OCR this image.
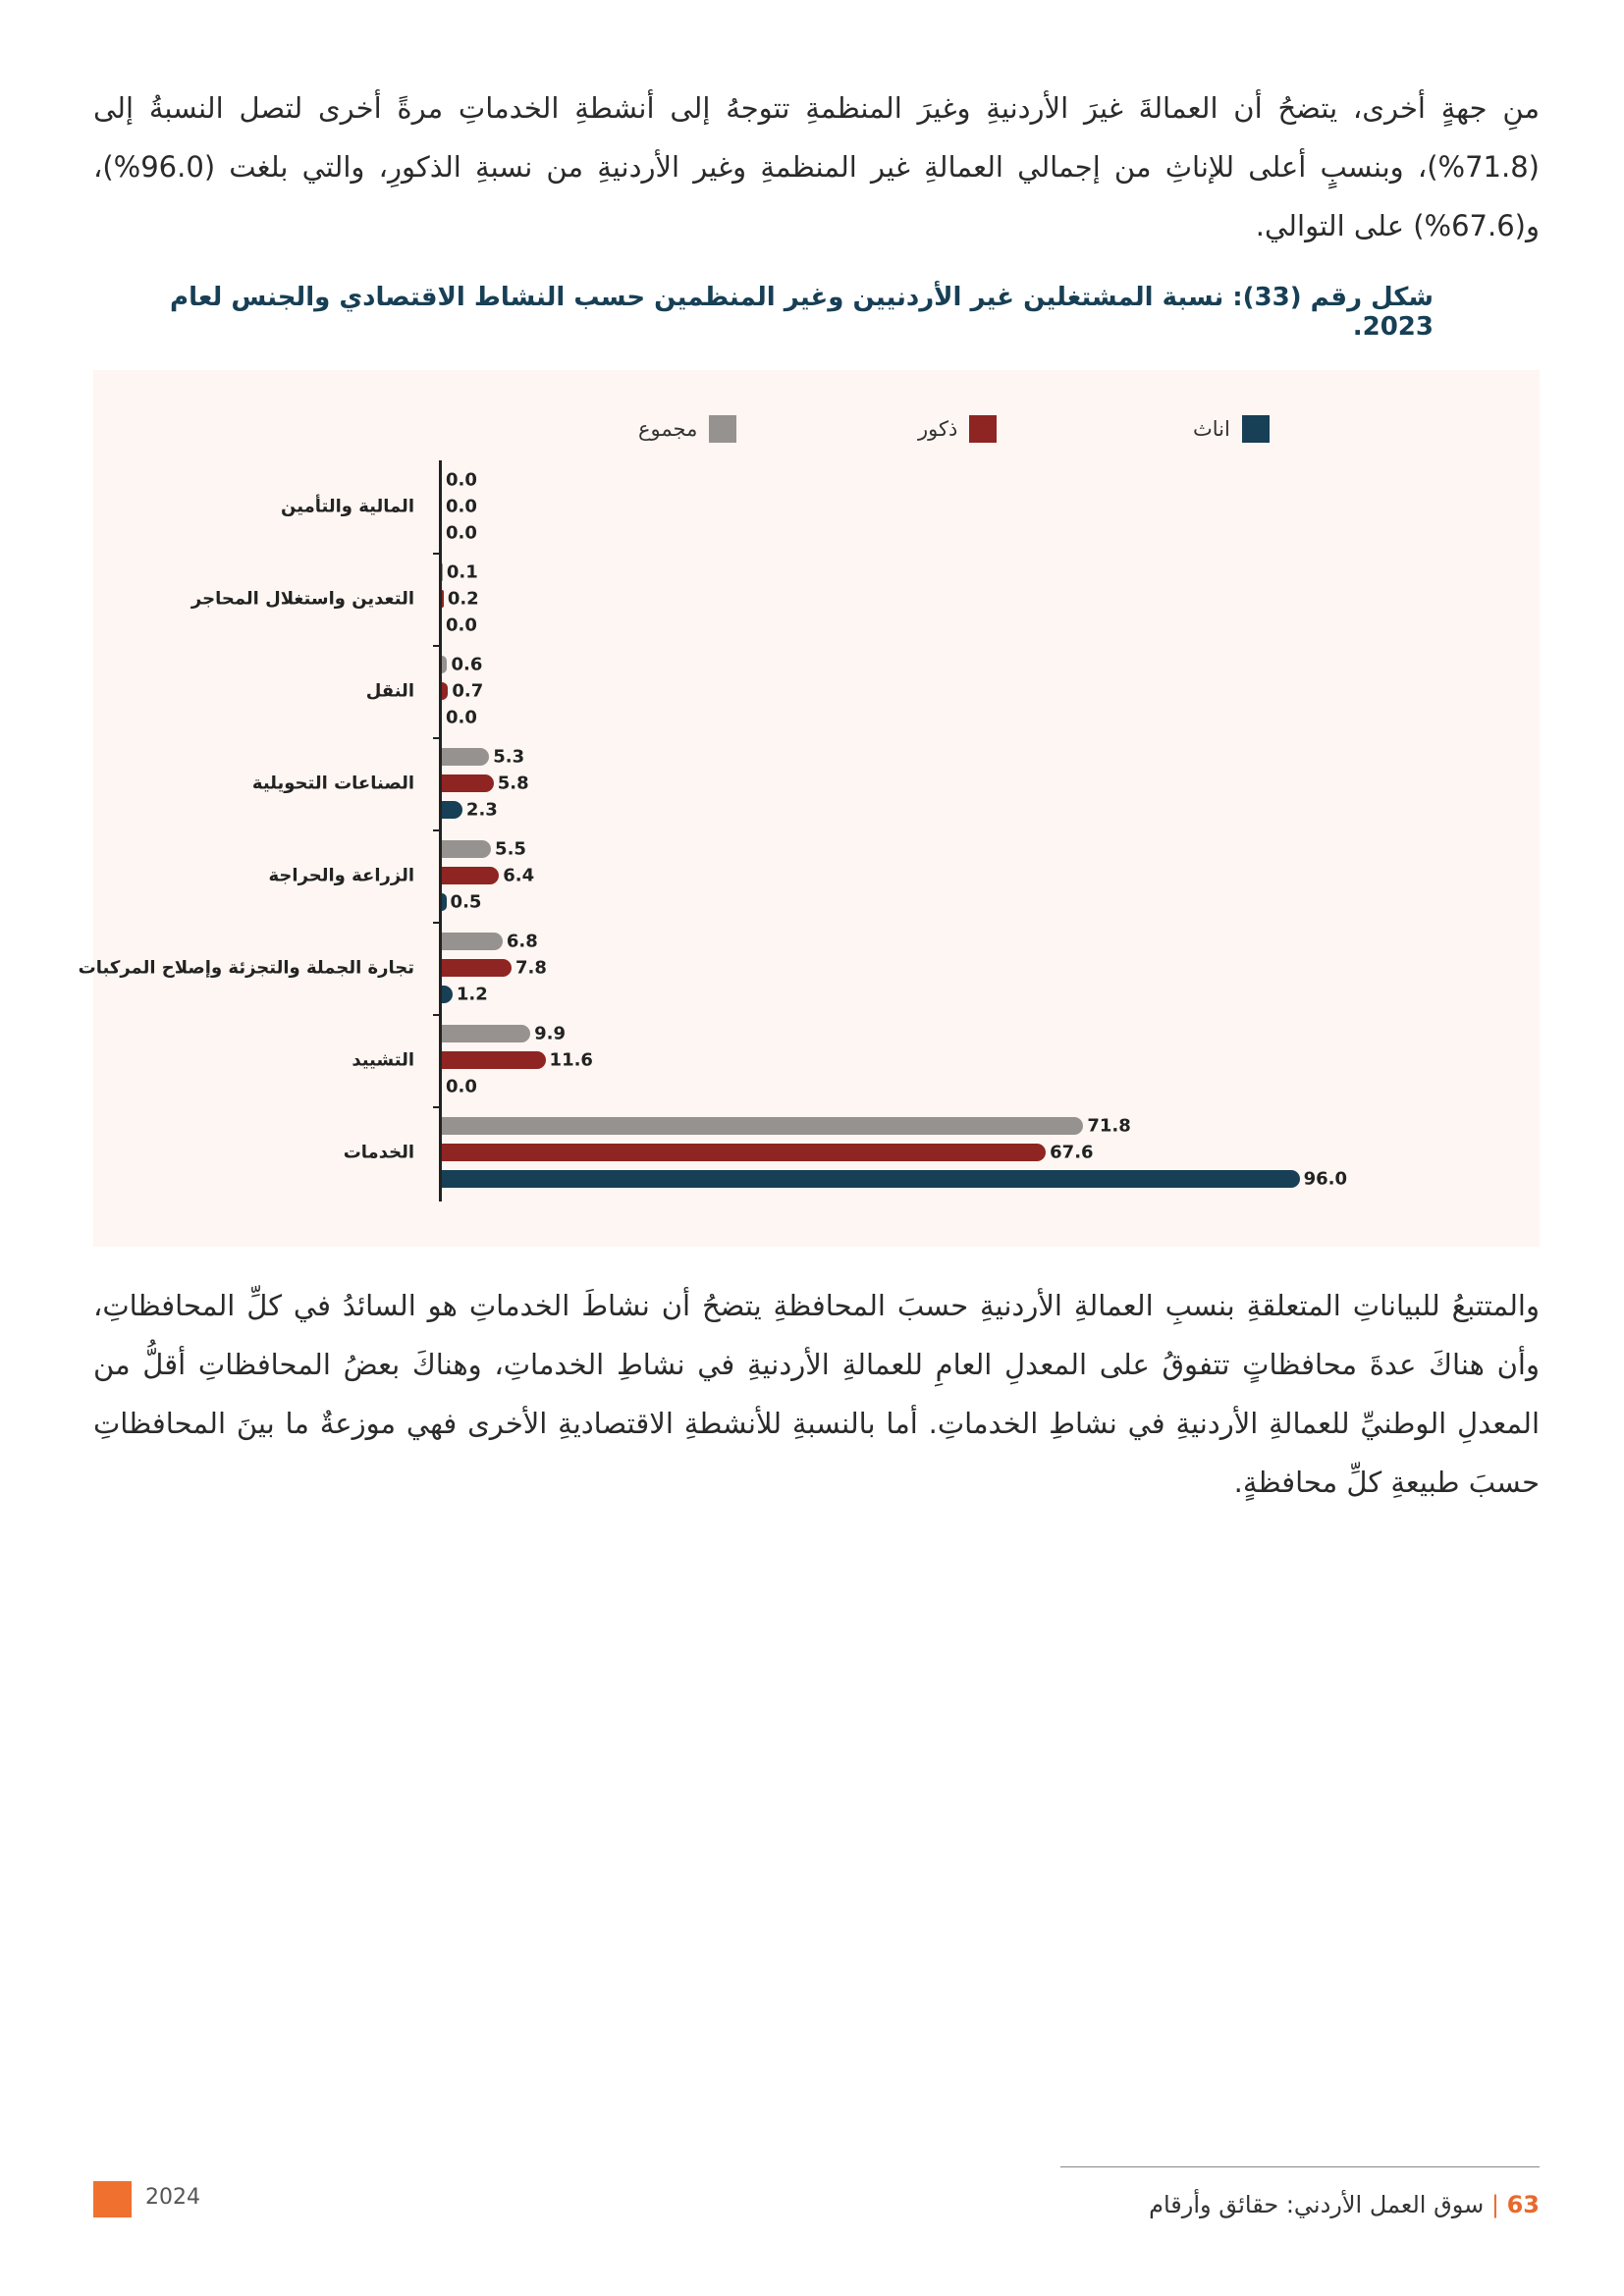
منِ جهةٍ أخرى، يتضحُ أن العمالةَ غيرَ الأردنيةِ وغيرَ المنظمةِ تتوجهُ إلى أنشطةِ الخدماتِ مرةً أخرى لتصل النسبةُ إلى (71.8%)، وبنسبٍ أعلى للإناثِ من إجمالي العمالةِ غير المنظمةِ وغير الأردنيةِ من نسبةِ الذكورِ، والتي بلغت (96.0%)، و(67.6%) على التوالي.
شكل رقم (33): نسبة المشتغلين غير الأردنيين وغير المنظمين حسب النشاط الاقتصادي والجنس لعام 2023.
اناث
ذكور
مجموع
المالية والتأمين
0.0
0.0
0.0
التعدين واستغلال المحاجر
0.1
0.2
0.0
النقل
0.6
0.7
0.0
الصناعات التحويلية
5.3
5.8
2.3
الزراعة والحراجة
5.5
6.4
0.5
تجارة الجملة والتجزئة وإصلاح المركبات
6.8
7.8
1.2
التشييد
9.9
11.6
0.0
الخدمات
71.8
67.6
96.0
والمتتبعُ للبياناتِ المتعلقةِ بنسبِ العمالةِ الأردنيةِ حسبَ المحافظةِ يتضحُ أن نشاطَ الخدماتِ هو السائدُ في كلِّ المحافظاتِ، وأن هناكَ عدةَ محافظاتٍ تتفوقُ على المعدلِ العامِ للعمالةِ الأردنيةِ في نشاطِ الخدماتِ، وهناكَ بعضُ المحافظاتِ أقلُّ من المعدلِ الوطنيِّ للعمالةِ الأردنيةِ في نشاطِ الخدماتِ. أما بالنسبةِ للأنشطةِ الاقتصاديةِ الأخرى فهي موزعةٌ ما بينَ المحافظاتِ حسبَ طبيعةِ كلِّ محافظةٍ.
2024	63 | سوق العمل الأردني: حقائق وأرقام
